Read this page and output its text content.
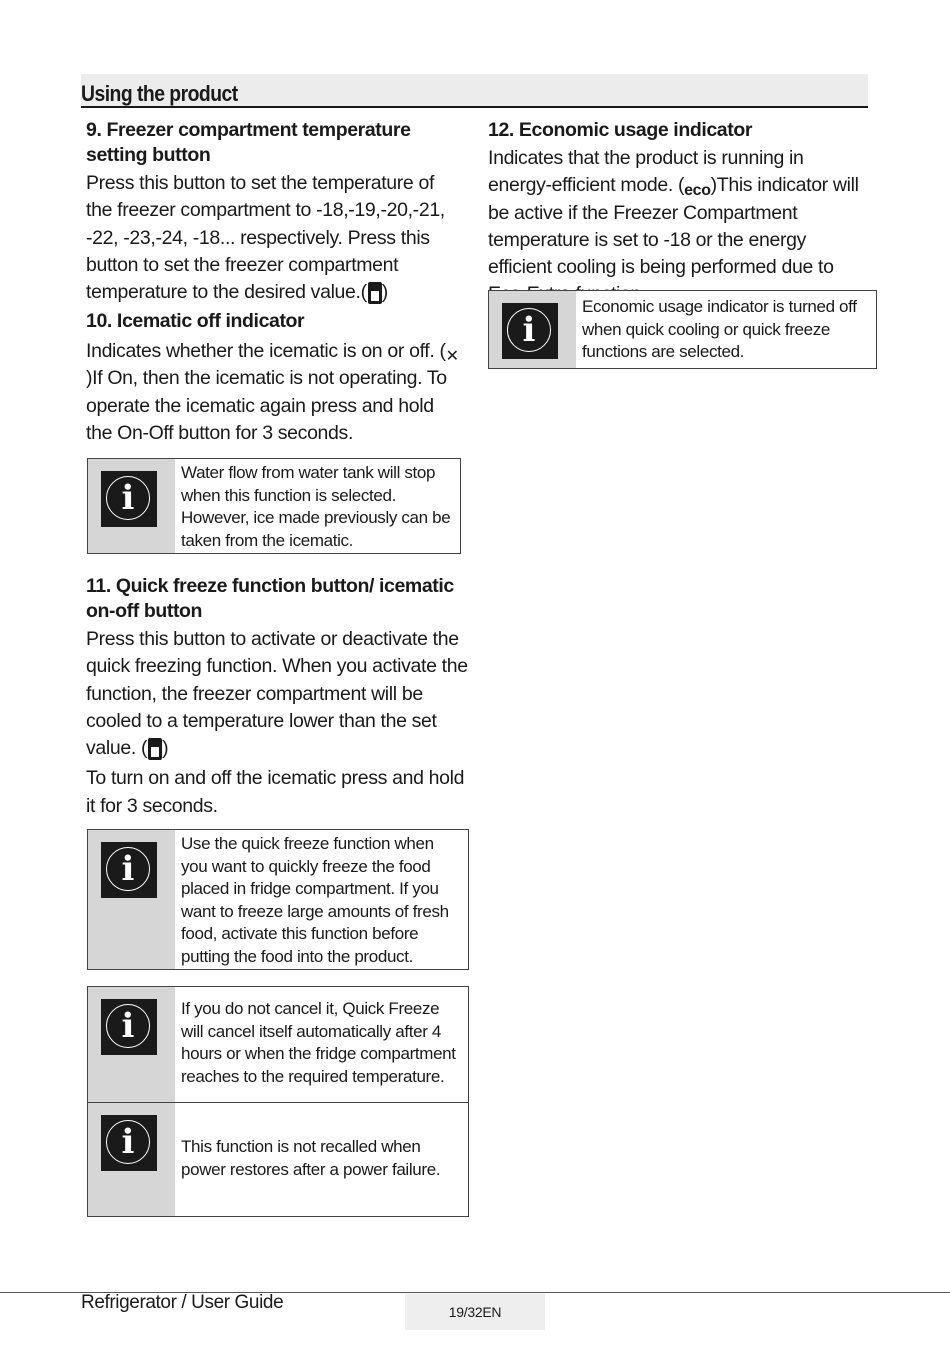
Using the product
9. Freezer compartment temperature setting button

Press this button to set the temperature of the freezer compartment to -18,-19,-20,-21, -22, -23,-24, -18... respectively. Press this button to set the freezer compartment temperature to the desired value.( )

10. Icematic off indicator

Indicates whether the icematic is on or off. (✕)If On, then the icematic is not operating. To operate the icematic again press and hold the On-Off button for 3 seconds.

i
Water flow from water tank will stop when this function is selected. However, ice made previously can be taken from the icematic.
11. Quick freeze function button/ icematic on-off button

Press this button to activate or deactivate the quick freezing function. When you activate the function, the freezer compartment will be cooled to a temperature lower than the set value. ( )

To turn on and off the icematic press and hold it for 3 seconds.

i
Use the quick freeze function when you want to quickly freeze the food placed in fridge compartment. If you want to freeze large amounts of fresh food, activate this function before putting the food into the product.
i	If you do not cancel it, Quick Freeze will cancel itself automatically after 4 hours or when the fridge compartment reaches to the required temperature.
i	This function is not recalled when power restores after a power failure.
12. Economic usage indicator

Indicates that the product is running in energy-efficient mode. (eco)This indicator will be active if the Freezer Compartment temperature is set to -18 or the energy efficient cooling is being performed due to

i
Economic usage indicator is turned off when quick cooling or quick freeze functions are selected.
Refrigerator / User Guide	19/32EN
